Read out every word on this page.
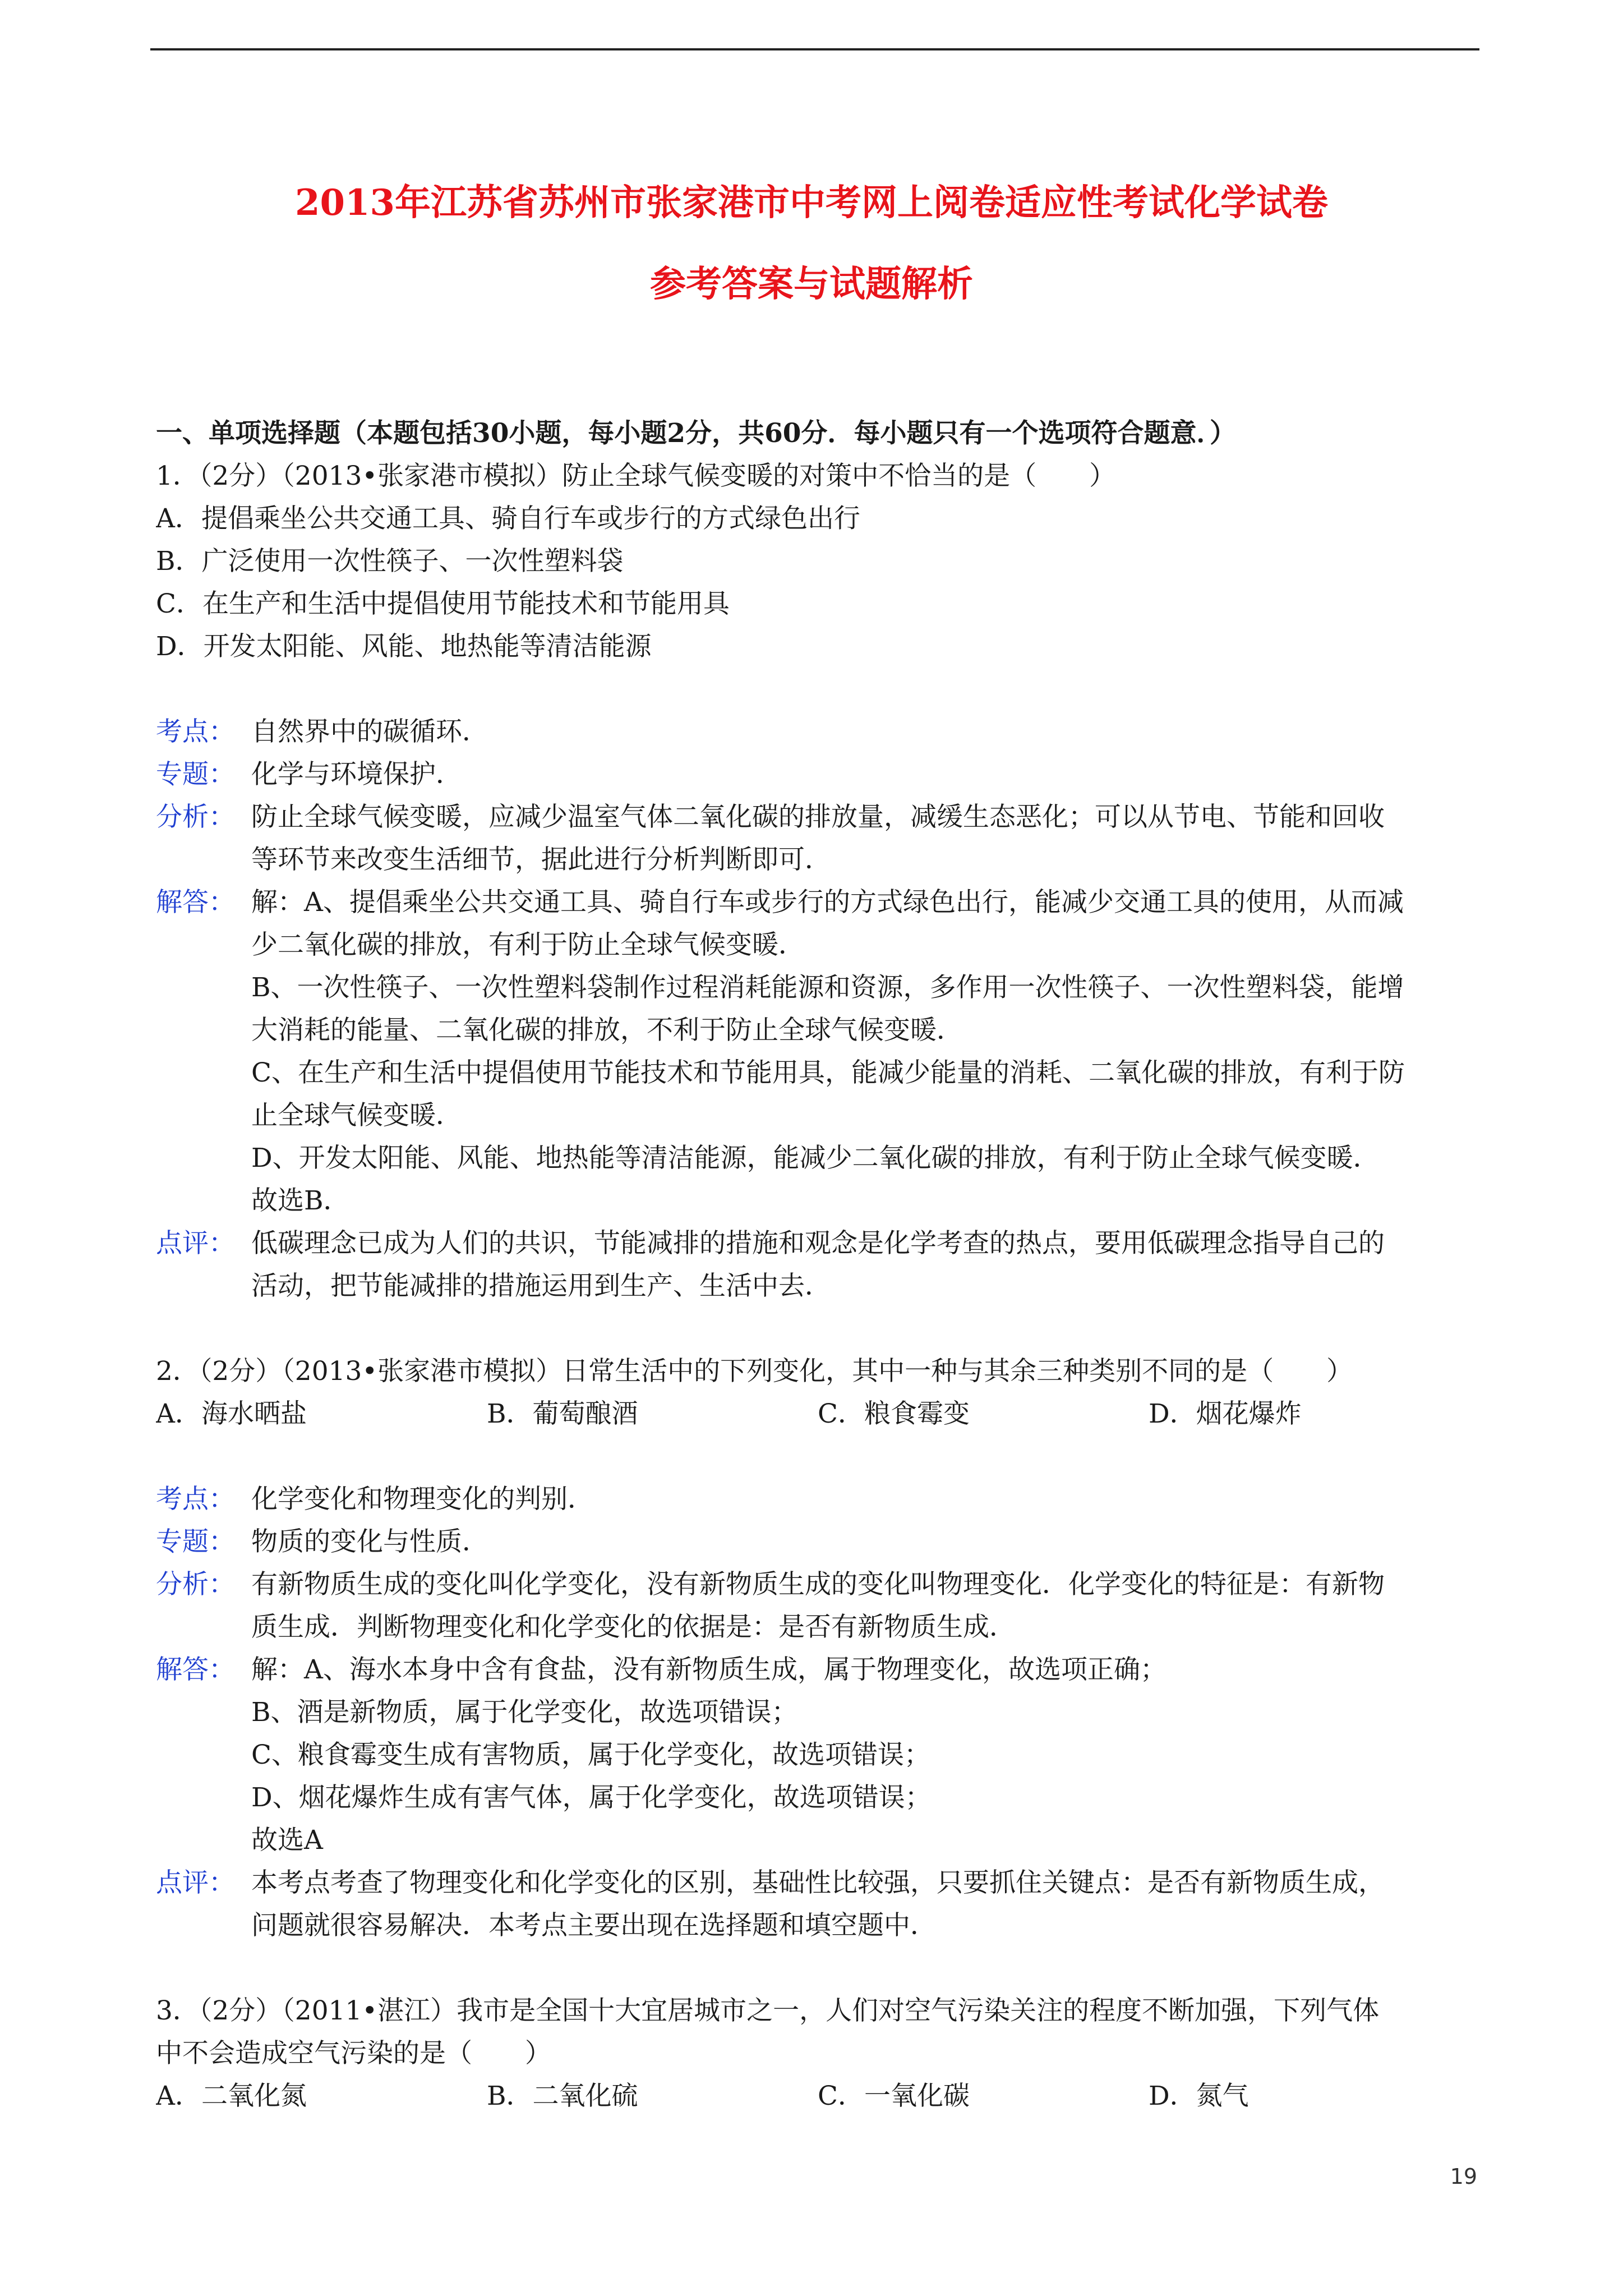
2013年江苏省苏州市张家港市中考网上阅卷适应性考试化学试卷
参考答案与试题解析
一、单项选择题（本题包括30小题，每小题2分，共60分．每小题只有一个选项符合题意．）
1．（2分）（2013•张家港市模拟）防止全球气候变暖的对策中不恰当的是（　　）
A．提倡乘坐公共交通工具、骑自行车或步行的方式绿色出行
B．广泛使用一次性筷子、一次性塑料袋
C．在生产和生活中提倡使用节能技术和节能用具
D．开发太阳能、风能、地热能等清洁能源
考点： 自然界中的碳循环．
专题： 化学与环境保护．
分析： 防止全球气候变暖，应减少温室气体二氧化碳的排放量，减缓生态恶化；可以从节电、节能和回收
等环节来改变生活细节，据此进行分析判断即可．
解答： 解：A、提倡乘坐公共交通工具、骑自行车或步行的方式绿色出行，能减少交通工具的使用，从而减
少二氧化碳的排放，有利于防止全球气候变暖．
B、一次性筷子、一次性塑料袋制作过程消耗能源和资源，多作用一次性筷子、一次性塑料袋，能增
大消耗的能量、二氧化碳的排放，不利于防止全球气候变暖．
C、在生产和生活中提倡使用节能技术和节能用具，能减少能量的消耗、二氧化碳的排放，有利于防
止全球气候变暖．
D、开发太阳能、风能、地热能等清洁能源，能减少二氧化碳的排放，有利于防止全球气候变暖．
故选B．
点评： 低碳理念已成为人们的共识，节能减排的措施和观念是化学考查的热点，要用低碳理念指导自己的
活动，把节能减排的措施运用到生产、生活中去．
2．（2分）（2013•张家港市模拟）日常生活中的下列变化，其中一种与其余三种类别不同的是（　　）
A．海水晒盐	B．葡萄酿酒	C．粮食霉变	D．烟花爆炸
考点： 化学变化和物理变化的判别．
专题： 物质的变化与性质．
分析： 有新物质生成的变化叫化学变化，没有新物质生成的变化叫物理变化．化学变化的特征是：有新物
质生成．判断物理变化和化学变化的依据是：是否有新物质生成．
解答： 解：A、海水本身中含有食盐，没有新物质生成，属于物理变化，故选项正确；
B、酒是新物质，属于化学变化，故选项错误；
C、粮食霉变生成有害物质，属于化学变化，故选项错误；
D、烟花爆炸生成有害气体，属于化学变化，故选项错误；
故选A
点评： 本考点考查了物理变化和化学变化的区别，基础性比较强，只要抓住关键点：是否有新物质生成，
问题就很容易解决．本考点主要出现在选择题和填空题中．
3．（2分）（2011•湛江）我市是全国十大宜居城市之一，人们对空气污染关注的程度不断加强，下列气体
中不会造成空气污染的是（　　）
A．二氧化氮	B．二氧化硫	C．一氧化碳	D．氮气
19
